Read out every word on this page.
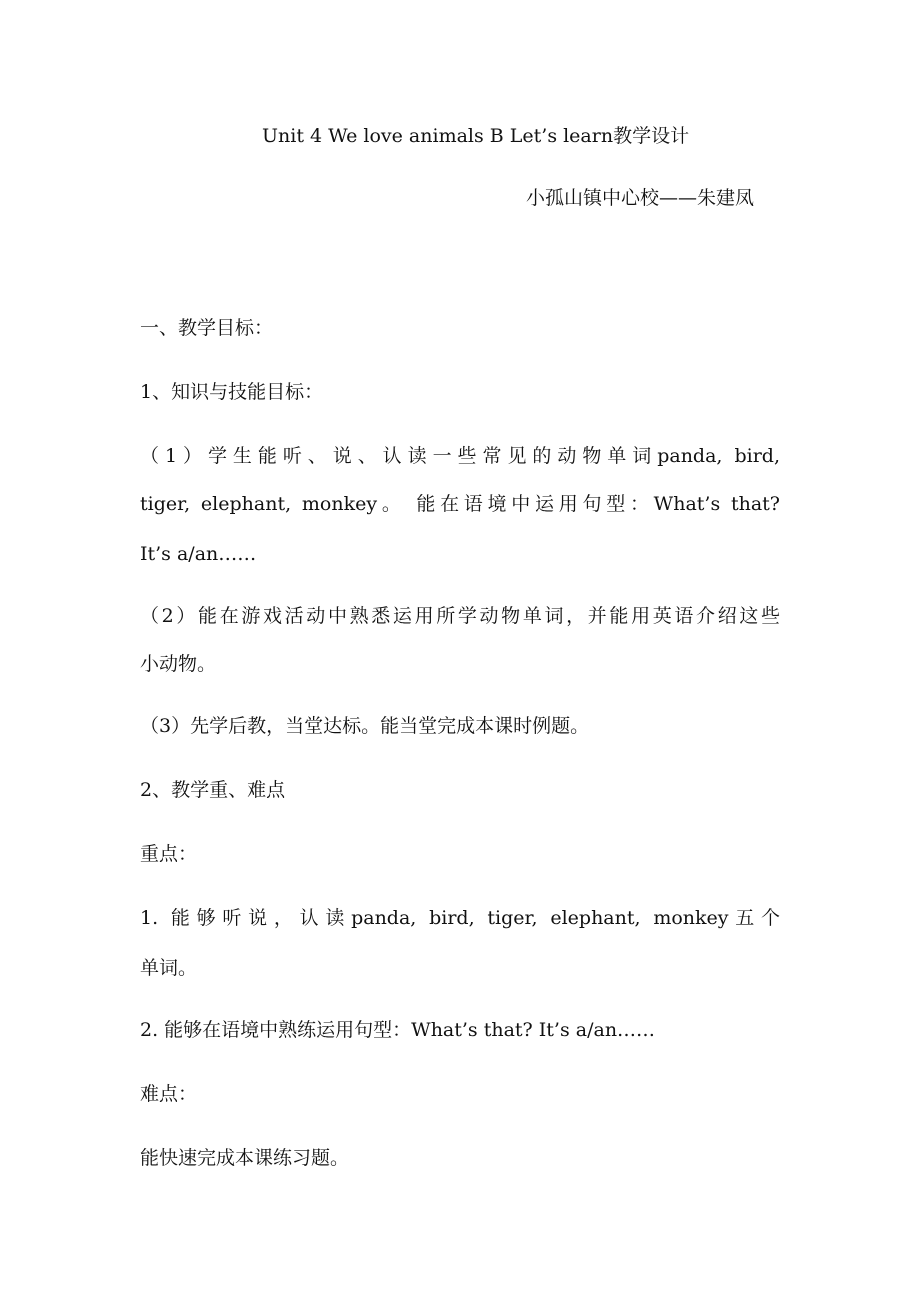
Unit 4 We love animals B Let’s learn教学设计
小孤山镇中心校——朱建凤
一、教学目标：
1、知识与技能目标：
（1）学生能听、说、认读一些常见的动物单词panda, bird,
tiger, elephant, monkey。 能在语境中运用句型：What’s that?
It’s a/an……
（2）能在游戏活动中熟悉运用所学动物单词，并能用英语介绍这些
小动物。
（3）先学后教，当堂达标。能当堂完成本课时例题。
2、教学重、难点
重点：
1. 能够听说，认读panda, bird, tiger, elephant, monkey五个
单词。
2. 能够在语境中熟练运用句型：What’s that? It’s a/an……
难点：
能快速完成本课练习题。
